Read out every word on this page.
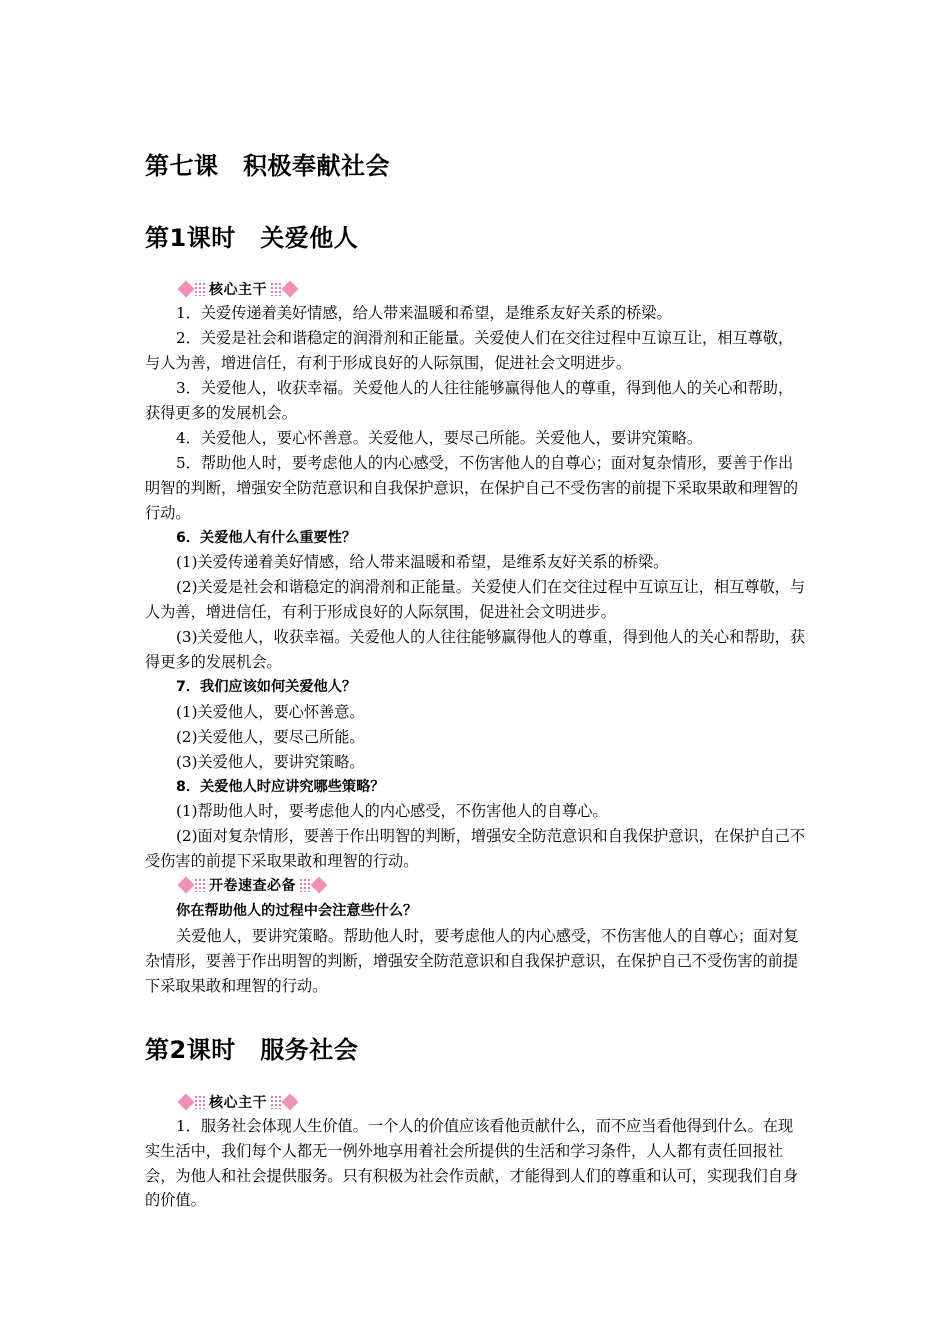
第七课　积极奉献社会
第1课时　关爱他人
核心主干

1．关爱传递着美好情感，给人带来温暖和希望，是维系友好关系的桥梁。

2．关爱是社会和谐稳定的润滑剂和正能量。关爱使人们在交往过程中互谅互让，相互尊敬，与人为善，增进信任，有利于形成良好的人际氛围，促进社会文明进步。

3．关爱他人，收获幸福。关爱他人的人往往能够赢得他人的尊重，得到他人的关心和帮助，获得更多的发展机会。

4．关爱他人，要心怀善意。关爱他人，要尽己所能。关爱他人，要讲究策略。

5．帮助他人时，要考虑他人的内心感受，不伤害他人的自尊心；面对复杂情形，要善于作出明智的判断，增强安全防范意识和自我保护意识，在保护自己不受伤害的前提下采取果敢和理智的行动。

6．关爱他人有什么重要性？

(1)关爱传递着美好情感，给人带来温暖和希望，是维系友好关系的桥梁。

(2)关爱是社会和谐稳定的润滑剂和正能量。关爱使人们在交往过程中互谅互让，相互尊敬，与人为善，增进信任，有利于形成良好的人际氛围，促进社会文明进步。

(3)关爱他人，收获幸福。关爱他人的人往往能够赢得他人的尊重，得到他人的关心和帮助，获得更多的发展机会。

7．我们应该如何关爱他人？

(1)关爱他人，要心怀善意。

(2)关爱他人，要尽己所能。

(3)关爱他人，要讲究策略。

8．关爱他人时应讲究哪些策略？

(1)帮助他人时，要考虑他人的内心感受，不伤害他人的自尊心。

(2)面对复杂情形，要善于作出明智的判断，增强安全防范意识和自我保护意识，在保护自己不受伤害的前提下采取果敢和理智的行动。

开卷速查必备

你在帮助他人的过程中会注意些什么？

关爱他人，要讲究策略。帮助他人时，要考虑他人的内心感受，不伤害他人的自尊心；面对复杂情形，要善于作出明智的判断，增强安全防范意识和自我保护意识，在保护自己不受伤害的前提下采取果敢和理智的行动。

第2课时　服务社会
核心主干

1．服务社会体现人生价值。一个人的价值应该看他贡献什么，而不应当看他得到什么。在现实生活中，我们每个人都无一例外地享用着社会所提供的生活和学习条件，人人都有责任回报社会，为他人和社会提供服务。只有积极为社会作贡献，才能得到人们的尊重和认可，实现我们自身的价值。
